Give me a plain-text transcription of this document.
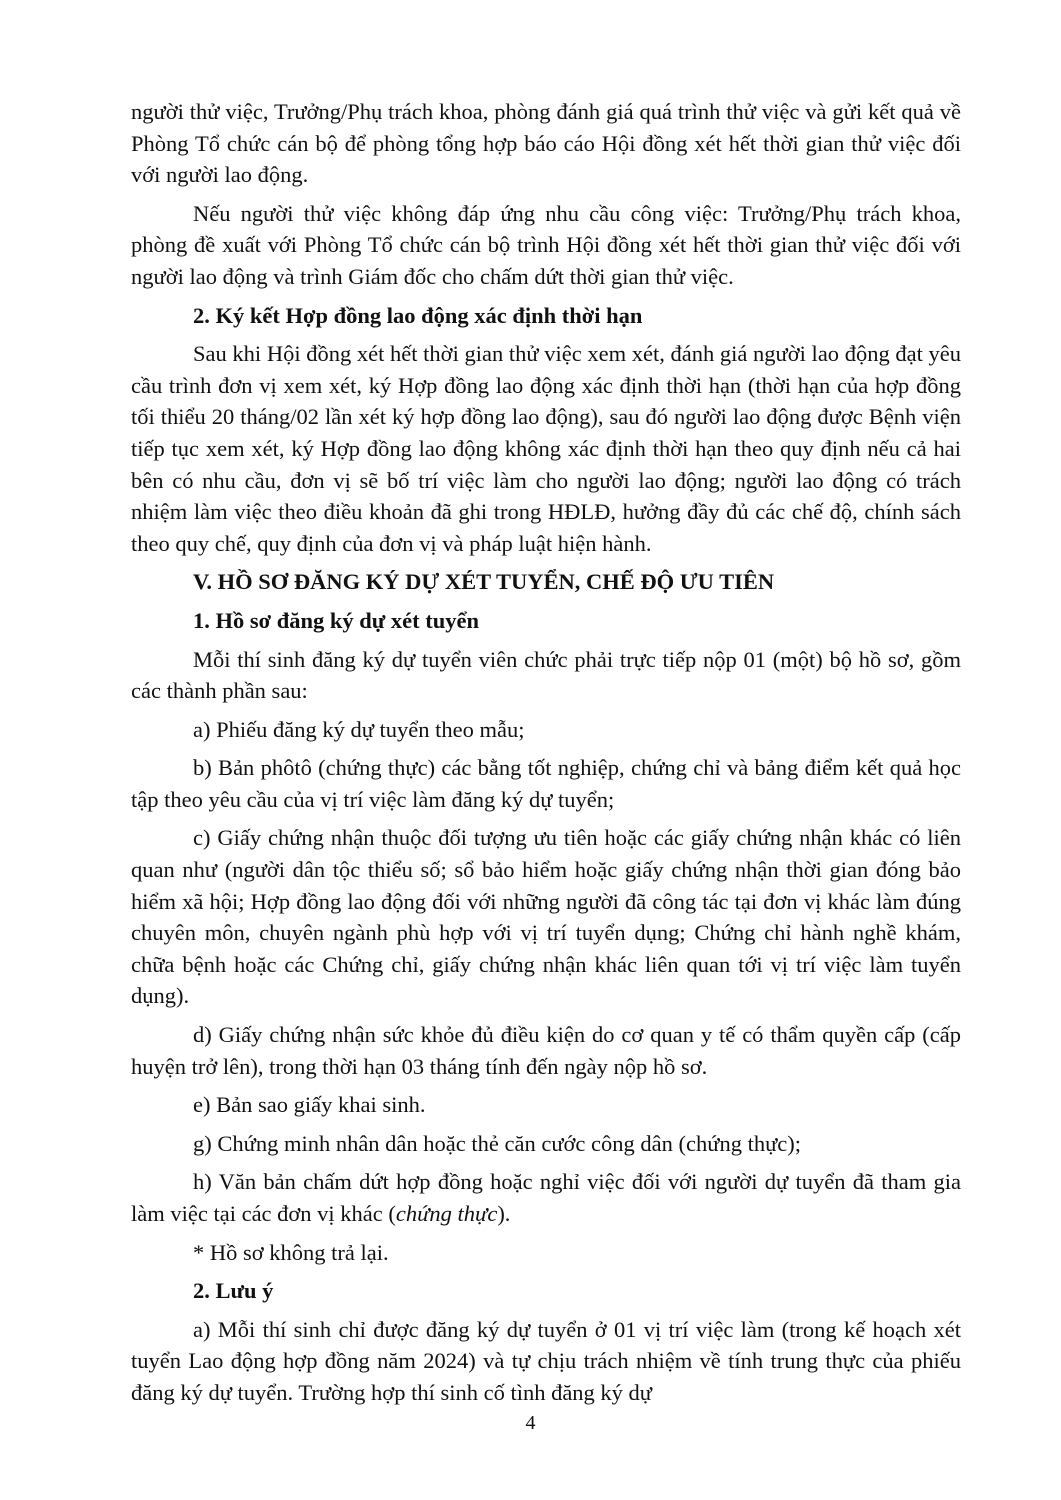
người thử việc, Trưởng/Phụ trách khoa, phòng đánh giá quá trình thử việc và gửi kết quả về Phòng Tổ chức cán bộ để phòng tổng hợp báo cáo Hội đồng xét hết thời gian thử việc đối với người lao động.

Nếu người thử việc không đáp ứng nhu cầu công việc: Trưởng/Phụ trách khoa, phòng đề xuất với Phòng Tổ chức cán bộ trình Hội đồng xét hết thời gian thử việc đối với người lao động và trình Giám đốc cho chấm dứt thời gian thử việc.

2. Ký kết Hợp đồng lao động xác định thời hạn

Sau khi Hội đồng xét hết thời gian thử việc xem xét, đánh giá người lao động đạt yêu cầu trình đơn vị xem xét, ký Hợp đồng lao động xác định thời hạn (thời hạn của hợp đồng tối thiểu 20 tháng/02 lần xét ký hợp đồng lao động), sau đó người lao động được Bệnh viện tiếp tục xem xét, ký Hợp đồng lao động không xác định thời hạn theo quy định nếu cả hai bên có nhu cầu, đơn vị sẽ bố trí việc làm cho người lao động; người lao động có trách nhiệm làm việc theo điều khoản đã ghi trong HĐLĐ, hưởng đầy đủ các chế độ, chính sách theo quy chế, quy định của đơn vị và pháp luật hiện hành.

V. HỒ SƠ ĐĂNG KÝ DỰ XÉT TUYỂN, CHẾ ĐỘ ƯU TIÊN

1. Hồ sơ đăng ký dự xét tuyển

Mỗi thí sinh đăng ký dự tuyển viên chức phải trực tiếp nộp 01 (một) bộ hồ sơ, gồm các thành phần sau:

a) Phiếu đăng ký dự tuyển theo mẫu;

b) Bản phôtô (chứng thực) các bằng tốt nghiệp, chứng chỉ và bảng điểm kết quả học tập theo yêu cầu của vị trí việc làm đăng ký dự tuyển;

c) Giấy chứng nhận thuộc đối tượng ưu tiên hoặc các giấy chứng nhận khác có liên quan như (người dân tộc thiểu số; sổ bảo hiểm hoặc giấy chứng nhận thời gian đóng bảo hiểm xã hội; Hợp đồng lao động đối với những người đã công tác tại đơn vị khác làm đúng chuyên môn, chuyên ngành phù hợp với vị trí tuyển dụng; Chứng chỉ hành nghề khám, chữa bệnh hoặc các Chứng chỉ, giấy chứng nhận khác liên quan tới vị trí việc làm tuyển dụng).

d) Giấy chứng nhận sức khỏe đủ điều kiện do cơ quan y tế có thẩm quyền cấp (cấp huyện trở lên), trong thời hạn 03 tháng tính đến ngày nộp hồ sơ.

e) Bản sao giấy khai sinh.

g) Chứng minh nhân dân hoặc thẻ căn cước công dân (chứng thực);

h) Văn bản chấm dứt hợp đồng hoặc nghỉ việc đối với người dự tuyển đã tham gia làm việc tại các đơn vị khác (chứng thực).

* Hồ sơ không trả lại.

2. Lưu ý

a) Mỗi thí sinh chỉ được đăng ký dự tuyển ở 01 vị trí việc làm (trong kế hoạch xét tuyển Lao động hợp đồng năm 2024) và tự chịu trách nhiệm về tính trung thực của phiếu đăng ký dự tuyển. Trường hợp thí sinh cố tình đăng ký dự

4
